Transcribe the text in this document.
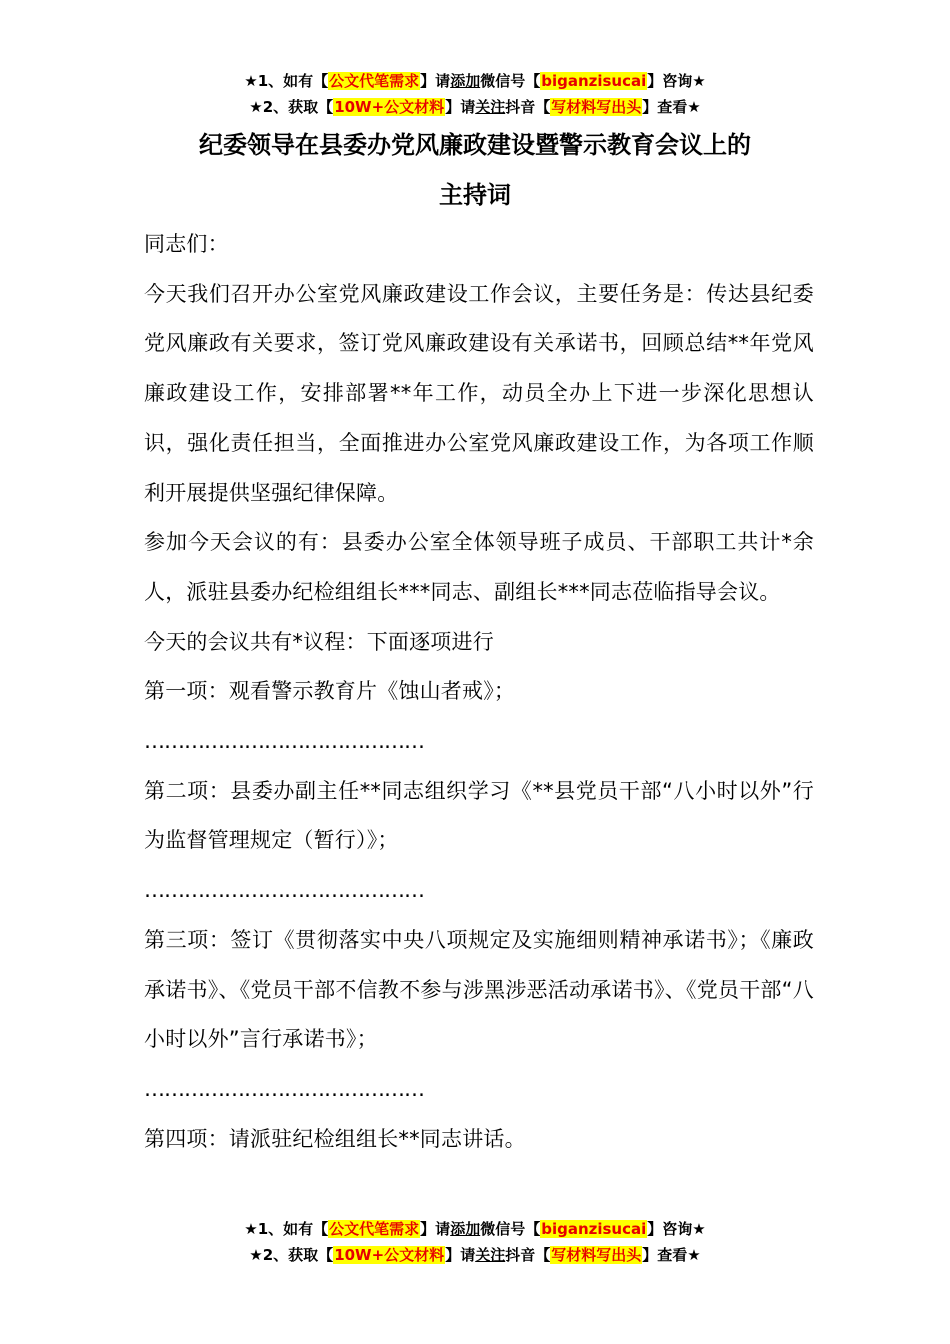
★1、如有【公文代笔需求】请添加微信号【biganzisucai】咨询★
★2、获取【10W+公文材料】请关注抖音【写材料写出头】查看★
纪委领导在县委办党风廉政建设暨警示教育会议上的
主持词

同志们：

今天我们召开办公室党风廉政建设工作会议，主要任务是：传达县纪委党风廉政有关要求，签订党风廉政建设有关承诺书，回顾总结**年党风廉政建设工作，安排部署**年工作，动员全办上下进一步深化思想认识，强化责任担当，全面推进办公室党风廉政建设工作，为各项工作顺利开展提供坚强纪律保障。

参加今天会议的有：县委办公室全体领导班子成员、干部职工共计*余人，派驻县委办纪检组组长***同志、副组长***同志莅临指导会议。

今天的会议共有*议程：下面逐项进行

第一项：观看警示教育片《蚀山者戒》；

……………………………………

第二项：县委办副主任**同志组织学习《**县党员干部“八小时以外”行为监督管理规定（暂行）》；

……………………………………

第三项：签订《贯彻落实中央八项规定及实施细则精神承诺书》；《廉政承诺书》、《党员干部不信教不参与涉黑涉恶活动承诺书》、《党员干部“八小时以外”言行承诺书》；

……………………………………

第四项：请派驻纪检组组长**同志讲话。

★1、如有【公文代笔需求】请添加微信号【biganzisucai】咨询★
★2、获取【10W+公文材料】请关注抖音【写材料写出头】查看★
